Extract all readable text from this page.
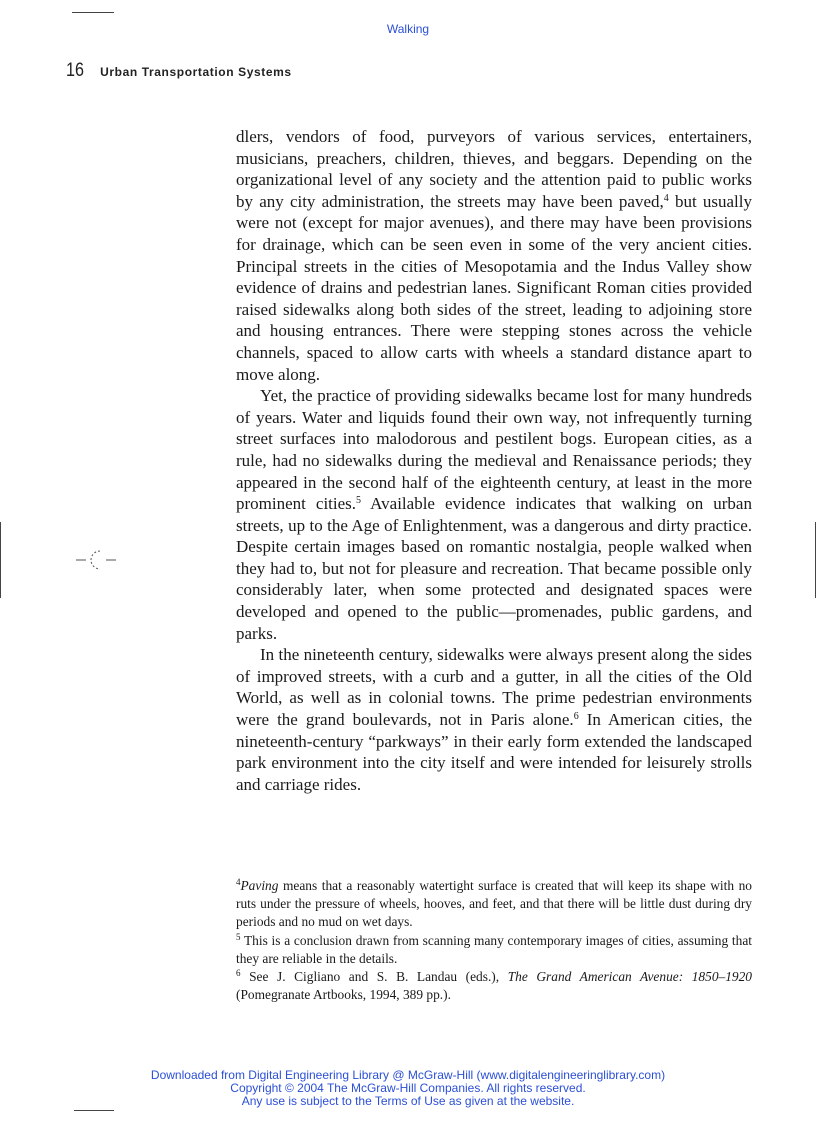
Walking
16 Urban Transportation Systems

dlers, vendors of food, purveyors of various services, entertainers, musicians, preachers, children, thieves, and beggars. Depending on the organizational level of any society and the attention paid to public works by any city administration, the streets may have been paved,$^4$ but usually were not (except for major avenues), and there may have been provisions for drainage, which can be seen even in some of the very ancient cities. Principal streets in the cities of Mesopotamia and the Indus Valley show evidence of drains and pedestrian lanes. Significant Roman cities provided raised sidewalks along both sides of the street, leading to adjoining store and housing entrances. There were stepping stones across the vehicle channels, spaced to allow carts with wheels a standard distance apart to move along.

Yet, the practice of providing sidewalks became lost for many hundreds of years. Water and liquids found their own way, not infrequently turning street surfaces into malodorous and pestilent bogs. European cities, as a rule, had no sidewalks during the medieval and Renaissance periods; they appeared in the second half of the eighteenth century, at least in the more prominent cities.$^5$ Available evidence indicates that walking on urban streets, up to the Age of Enlightenment, was a dangerous and dirty practice. Despite certain images based on romantic nostalgia, people walked when they had to, but not for pleasure and recreation. That became possible only considerably later, when some protected and designated spaces were developed and opened to the public—promenades, public gardens, and parks.

In the nineteenth century, sidewalks were always present along the sides of improved streets, with a curb and a gutter, in all the cities of the Old World, as well as in colonial towns. The prime pedestrian environments were the grand boulevards, not in Paris alone.$^6$ In American cities, the nineteenth-century “parkways” in their early form extended the landscaped park environment into the city itself and were intended for leisurely strolls and carriage rides.

$^4$Paving means that a reasonably watertight surface is created that will keep its shape with no ruts under the pressure of wheels, hooves, and feet, and that there will be little dust during dry periods and no mud on wet days.

$^5$ This is a conclusion drawn from scanning many contemporary images of cities, assuming that they are reliable in the details.

$^6$ See J. Cigliano and S. B. Landau (eds.), The Grand American Avenue: 1850–1920 (Pomegranate Artbooks, 1994, 389 pp.).

Downloaded from Digital Engineering Library @ McGraw-Hill (www.digitalengineeringlibrary.com)
Copyright © 2004 The McGraw-Hill Companies. All rights reserved.
Any use is subject to the Terms of Use as given at the website.
